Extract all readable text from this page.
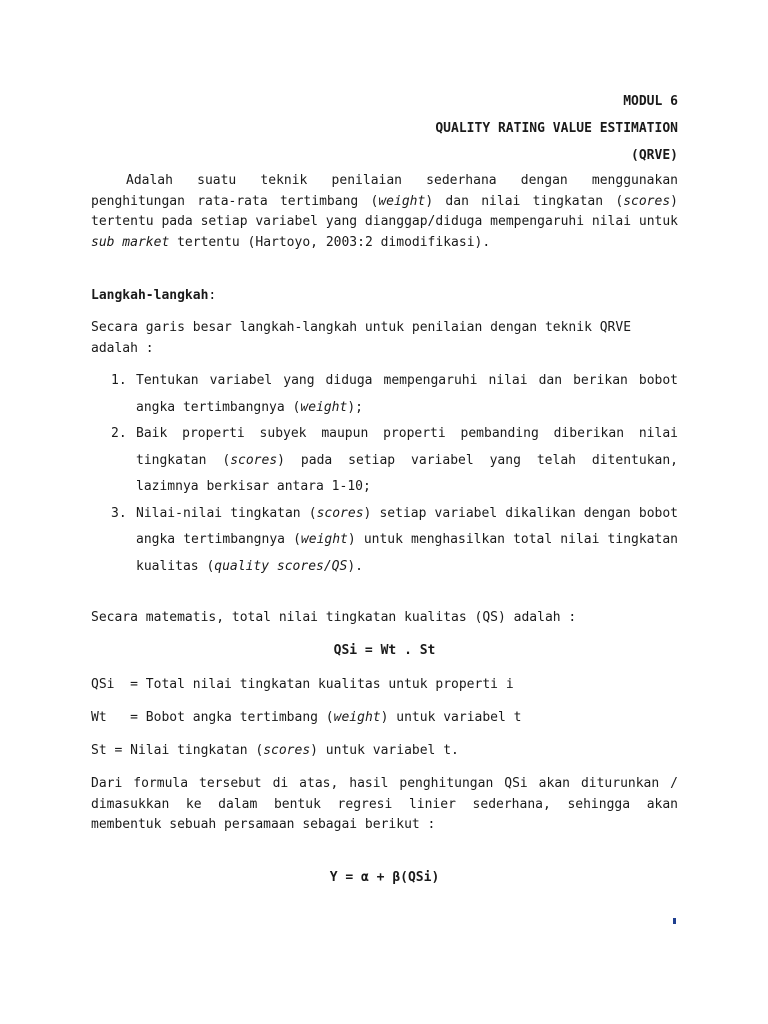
MODUL 6

QUALITY RATING VALUE ESTIMATION

(QRVE)

Adalah suatu teknik penilaian sederhana dengan menggunakan penghitungan rata-rata tertimbang (weight) dan nilai tingkatan (scores) tertentu pada setiap variabel yang dianggap/diduga mempengaruhi nilai untuk sub market tertentu (Hartoyo, 2003:2 dimodifikasi).

Langkah-langkah:

Secara garis besar langkah-langkah untuk penilaian dengan teknik QRVE adalah :

1. Tentukan variabel yang diduga mempengaruhi nilai dan berikan bobot angka tertimbangnya (weight);
2. Baik properti subyek maupun properti pembanding diberikan nilai tingkatan (scores) pada setiap variabel yang telah ditentukan, lazimnya berkisar antara 1-10;
3. Nilai-nilai tingkatan (scores) setiap variabel dikalikan dengan bobot angka tertimbangnya (weight) untuk menghasilkan total nilai tingkatan kualitas (quality scores/QS).

Secara matematis, total nilai tingkatan kualitas (QS) adalah :

QSi = Wt . St

QSi  = Total nilai tingkatan kualitas untuk properti i
Wt   = Bobot angka tertimbang (weight) untuk variabel t
St = Nilai tingkatan (scores) untuk variabel t.

Dari formula tersebut di atas, hasil penghitungan QSi akan diturunkan / dimasukkan ke dalam bentuk regresi linier sederhana, sehingga akan membentuk sebuah persamaan sebagai berikut :

Y = α + β(QSi)
